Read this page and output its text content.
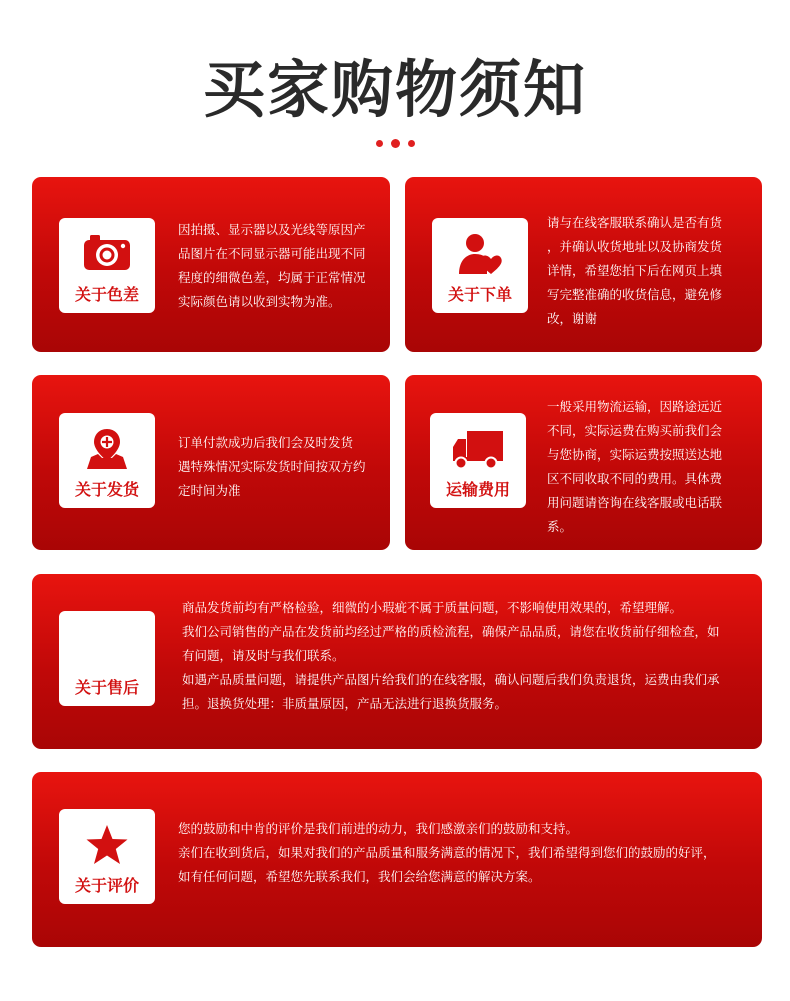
买家购物须知
关于色差
因拍摄、显示器以及光线等原因产
品图片在不同显示器可能出现不同
程度的细微色差，均属于正常情况
实际颜色请以收到实物为准。	关于下单
请与在线客服联系确认是否有货
，并确认收货地址以及协商发货
详情，希望您拍下后在网页上填
写完整准确的收货信息，避免修
改，谢谢
关于发货
订单付款成功后我们会及时发货
遇特殊情况实际发货时间按双方约
定时间为准	运输费用
一般采用物流运输，因路途远近
不同，实际运费在购买前我们会
与您协商，实际运费按照送达地
区不同收取不同的费用。具体费
用问题请咨询在线客服或电话联
系。
关于售后
商品发货前均有严格检验，细微的小瑕疵不属于质量问题，不影响使用效果的，希望理解。
我们公司销售的产品在发货前均经过严格的质检流程，确保产品品质，请您在收货前仔细检查，如
有问题，请及时与我们联系。
如遇产品质量问题，请提供产品图片给我们的在线客服，确认问题后我们负责退货，运费由我们承
担。退换货处理：非质量原因，产品无法进行退换货服务。
关于评价
您的鼓励和中肯的评价是我们前进的动力，我们感激亲们的鼓励和支持。
亲们在收到货后，如果对我们的产品质量和服务满意的情况下，我们希望得到您们的鼓励的好评，
如有任何问题，希望您先联系我们，我们会给您满意的解决方案。
